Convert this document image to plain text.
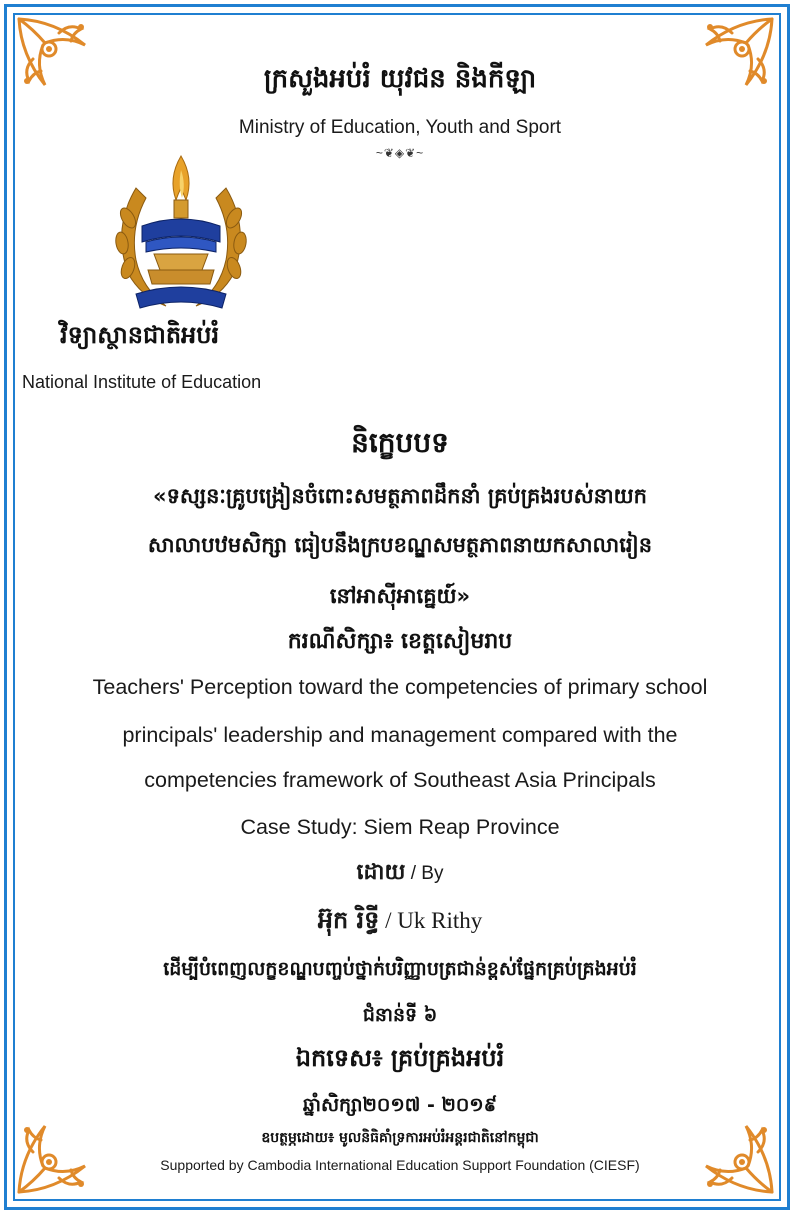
ក្រសួងអប់រំ យុវជន និងកីឡា
Ministry of Education, Youth and Sport
~❦◈❦~
វិទ្យាស្ថានជាតិអប់រំ
National Institute of Education
និក្ខេបបទ
«ទស្សនៈគ្រូបង្រៀនចំពោះសមត្ថភាពដឹកនាំ គ្រប់គ្រងរបស់នាយក
សាលាបឋមសិក្សា ធៀបនឹងក្របខណ្ឌសមត្ថភាពនាយកសាលារៀន
នៅអាស៊ីអាគ្នេយ៍»
ករណីសិក្សា៖ ខេត្តសៀមរាប
Teachers' Perception toward the competencies of primary school
principals' leadership and management compared with the
competencies framework of Southeast Asia Principals
Case Study: Siem Reap Province
ដោយ / By
អ៊ុក រិទ្ធី / Uk Rithy
ដើម្បីបំពេញលក្ខខណ្ឌបញ្ចប់ថ្នាក់បរិញ្ញាបត្រជាន់ខ្ពស់ផ្នែកគ្រប់គ្រងអប់រំ
ជំនាន់ទី ៦
ឯកទេស៖ គ្រប់គ្រងអប់រំ
ឆ្នាំសិក្សា២០១៧ - ២០១៩
ឧបត្ថម្ភដោយ៖ មូលនិធិគាំទ្រការអប់រំអន្តរជាតិនៅកម្ពុជា
Supported by Cambodia International Education Support Foundation (CIESF)
